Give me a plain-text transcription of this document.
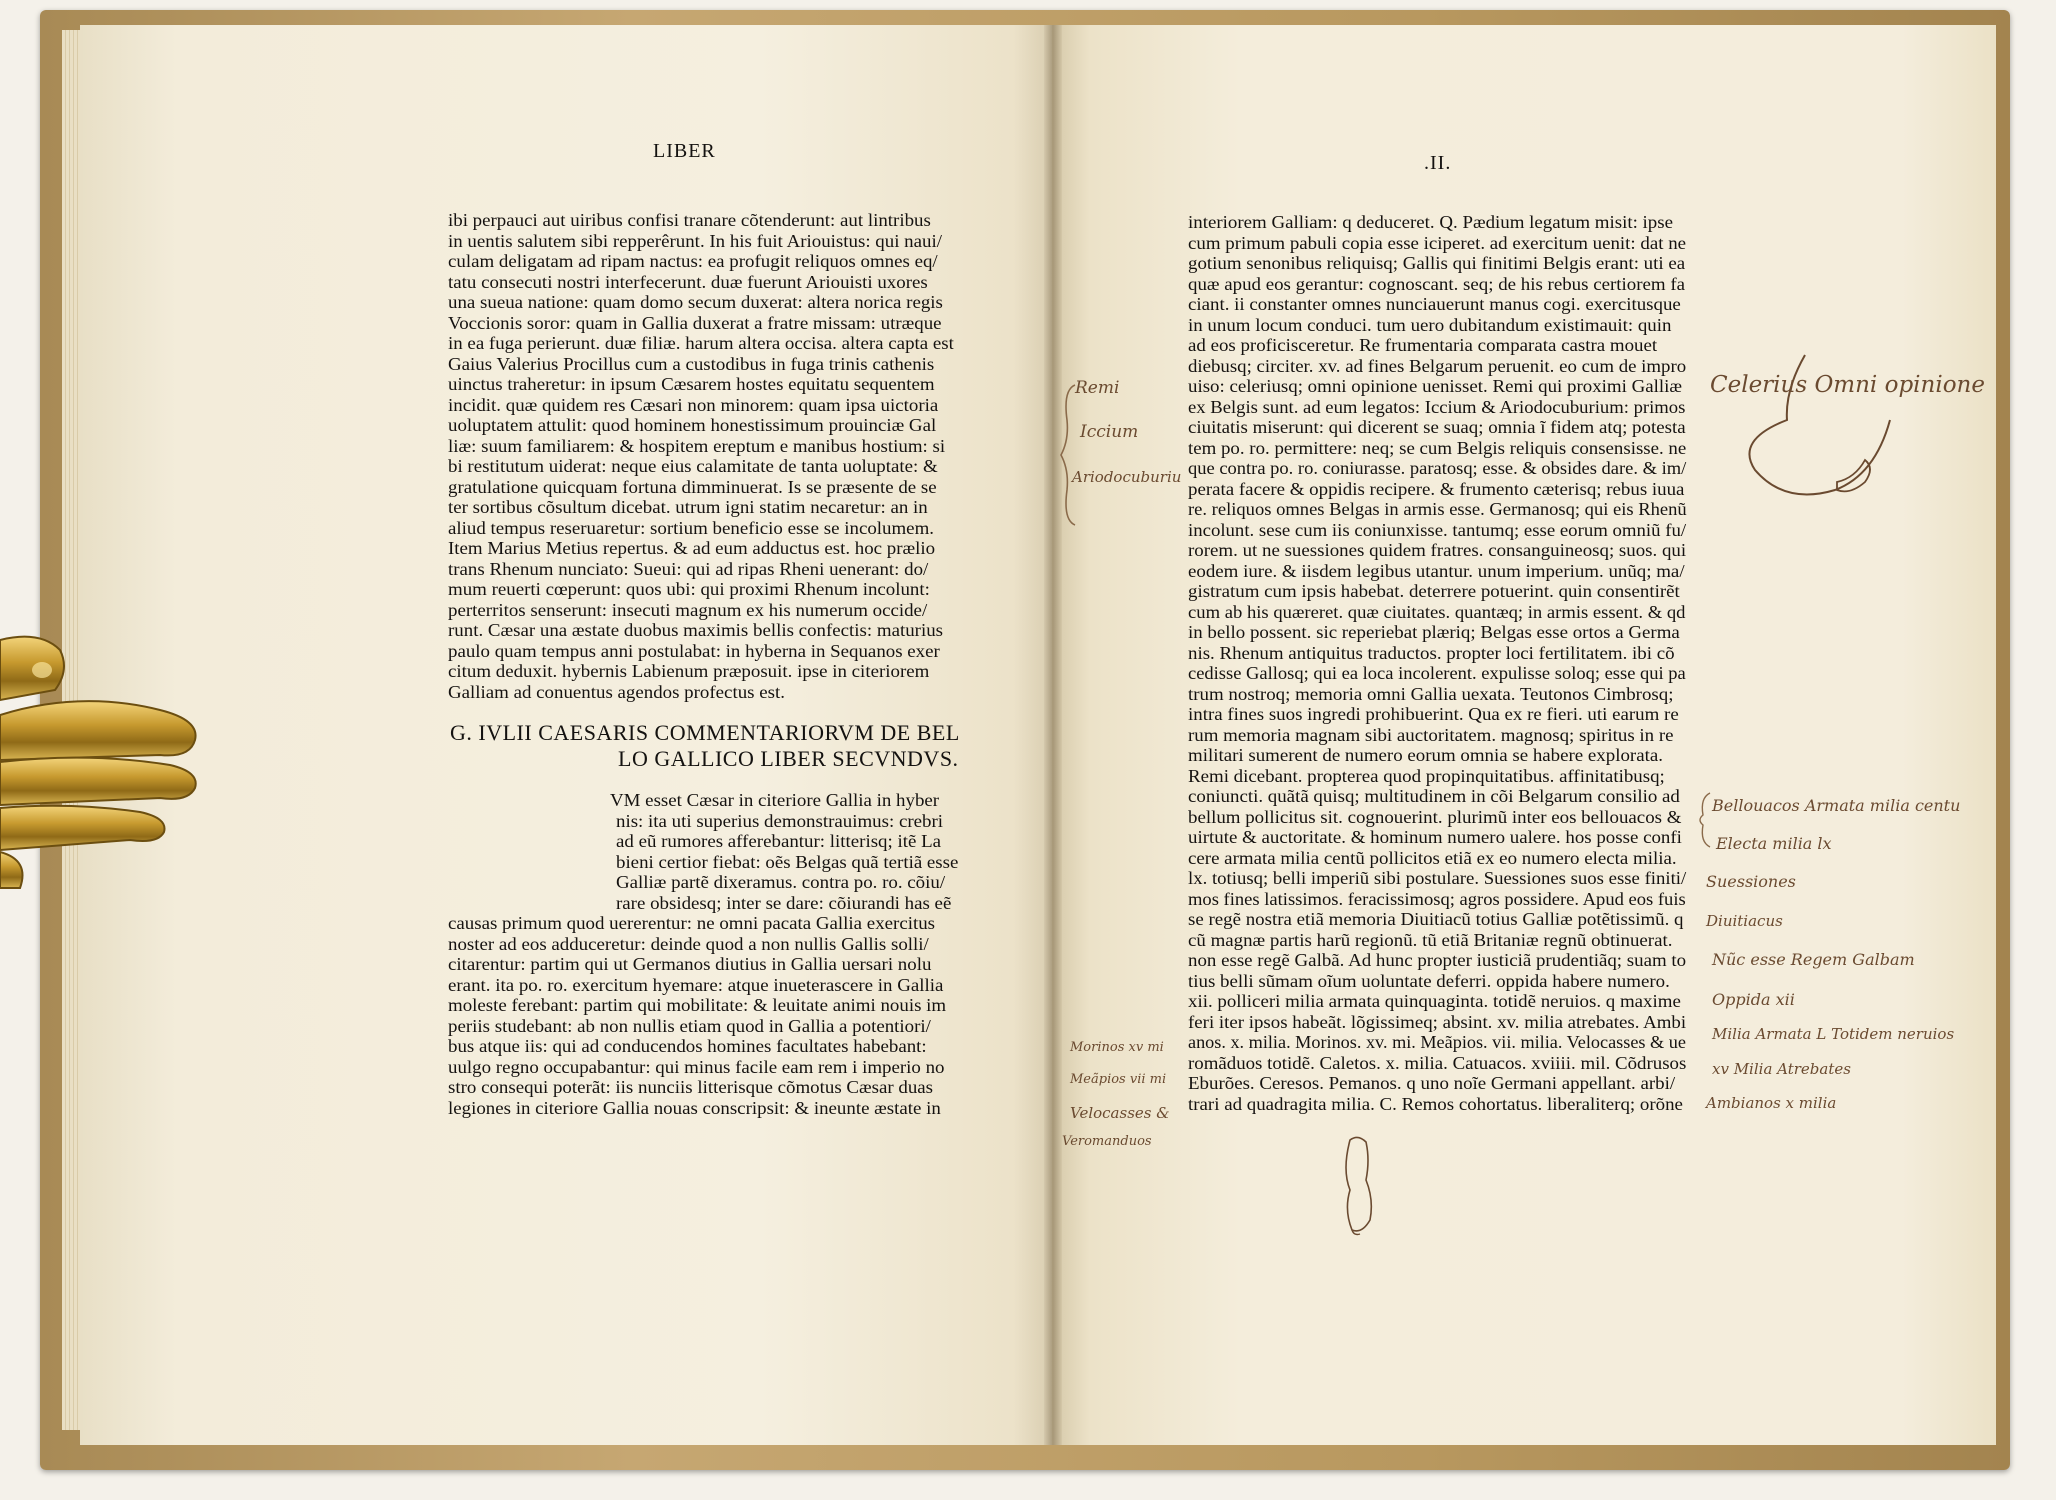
LIBER
ibi perpauci aut uiribus confisi tranare cõtenderunt: aut lintribus
in uentis salutem sibi repperêrunt. In his fuit Ariouistus: qui naui/
culam deligatam ad ripam nactus: ea profugit reliquos omnes eq/
tatu consecuti nostri interfecerunt. duæ fuerunt Ariouisti uxores
una sueua natione: quam domo secum duxerat: altera norica regis
Voccionis soror: quam in Gallia duxerat a fratre missam: utræque
in ea fuga perierunt. duæ filiæ. harum altera occisa. altera capta est
Gaius Valerius Procillus cum a custodibus in fuga trinis cathenis
uinctus traheretur: in ipsum Cæsarem hostes equitatu sequentem
incidit. quæ quidem res Cæsari non minorem: quam ipsa uictoria
uoluptatem attulit: quod hominem honestissimum prouinciæ Gal
liæ: suum familiarem: & hospitem ereptum e manibus hostium: si
bi restitutum uiderat: neque eius calamitate de tanta uoluptate: &
gratulatione quicquam fortuna dimminuerat. Is se præsente de se
ter sortibus cõsultum dicebat. utrum igni statim necaretur: an in
aliud tempus reseruaretur: sortium beneficio esse se incolumem.
Item Marius Metius repertus. & ad eum adductus est. hoc prælio
trans Rhenum nunciato: Sueui: qui ad ripas Rheni uenerant: do/
mum reuerti cœperunt: quos ubi: qui proximi Rhenum incolunt:
perterritos senserunt: insecuti magnum ex his numerum occide/
runt. Cæsar una æstate duobus maximis bellis confectis: maturius
paulo quam tempus anni postulabat: in hyberna in Sequanos exer
citum deduxit. hybernis Labienum præposuit. ipse in citeriorem
Galliam ad conuentus agendos profectus est.
G. IVLII CAESARIS COMMENTARIORVM DE BEL
LO GALLICO LIBER SECVNDVS.
VM esset Cæsar in citeriore Gallia in hyber
nis: ita uti superius demonstrauimus: crebri
ad eũ rumores afferebantur: litterisq; itẽ La
bieni certior fiebat: oẽs Belgas quã tertiã esse
Galliæ partẽ dixeramus. contra po. ro. cõiu/
rare obsidesq; inter se dare: cõiurandi has eẽ
causas primum quod uererentur: ne omni pacata Gallia exercitus
noster ad eos adduceretur: deinde quod a non nullis Gallis solli/
citarentur: partim qui ut Germanos diutius in Gallia uersari nolu
erant. ita po. ro. exercitum hyemare: atque inueterascere in Gallia
moleste ferebant: partim qui mobilitate: & leuitate animi nouis im
periis studebant: ab non nullis etiam quod in Gallia a potentiori/
bus atque iis: qui ad conducendos homines facultates habebant:
uulgo regno occupabantur: qui minus facile eam rem i imperio no
stro consequi poterãt: iis nunciis litterisque cõmotus Cæsar duas
legiones in citeriore Gallia nouas conscripsit: & ineunte æstate in
.II.
interiorem Galliam: q deduceret. Q. Pædium legatum misit: ipse
cum primum pabuli copia esse iciperet. ad exercitum uenit: dat ne
gotium senonibus reliquisq; Gallis qui finitimi Belgis erant: uti ea
quæ apud eos gerantur: cognoscant. seq; de his rebus certiorem fa
ciant. ii constanter omnes nunciauerunt manus cogi. exercitusque
in unum locum conduci. tum uero dubitandum existimauit: quin
ad eos proficisceretur. Re frumentaria comparata castra mouet
diebusq; circiter. xv. ad fines Belgarum peruenit. eo cum de impro
uiso: celeriusq; omni opinione uenisset. Remi qui proximi Galliæ
ex Belgis sunt. ad eum legatos: Iccium & Ariodocuburium: primos
ciuitatis miserunt: qui dicerent se suaq; omnia ĩ fidem atq; potesta
tem po. ro. permittere: neq; se cum Belgis reliquis consensisse. ne
que contra po. ro. coniurasse. paratosq; esse. & obsides dare. & im/
perata facere & oppidis recipere. & frumento cæterisq; rebus iuua
re. reliquos omnes Belgas in armis esse. Germanosq; qui eis Rhenũ
incolunt. sese cum iis coniunxisse. tantumq; esse eorum omniũ fu/
rorem. ut ne suessiones quidem fratres. consanguineosq; suos. qui
eodem iure. & iisdem legibus utantur. unum imperium. unũq; ma/
gistratum cum ipsis habebat. deterrere potuerint. quin consentirẽt
cum ab his quæreret. quæ ciuitates. quantæq; in armis essent. & qd
in bello possent. sic reperiebat plæriq; Belgas esse ortos a Germa
nis. Rhenum antiquitus traductos. propter loci fertilitatem. ibi cõ
cedisse Gallosq; qui ea loca incolerent. expulisse soloq; esse qui pa
trum nostroq; memoria omni Gallia uexata. Teutonos Cimbrosq;
intra fines suos ingredi prohibuerint. Qua ex re fieri. uti earum re
rum memoria magnam sibi auctoritatem. magnosq; spiritus in re
militari sumerent de numero eorum omnia se habere explorata.
Remi dicebant. propterea quod propinquitatibus. affinitatibusq;
coniuncti. quãtã quisq; multitudinem in cõi Belgarum consilio ad
bellum pollicitus sit. cognouerint. plurimũ inter eos bellouacos &
uirtute & auctoritate. & hominum numero ualere. hos posse confi
cere armata milia centũ pollicitos etiã ex eo numero electa milia.
lx. totiusq; belli imperiũ sibi postulare. Suessiones suos esse finiti/
mos fines latissimos. feracissimosq; agros possidere. Apud eos fuis
se regẽ nostra etiã memoria Diuitiacũ totius Galliæ potẽtissimũ. q
cũ magnæ partis harũ regionũ. tũ etiã Britaniæ regnũ obtinuerat.
non esse regẽ Galbã. Ad hunc propter iusticiã prudentiãq; suam to
tius belli sũmam oĩum uoluntate deferri. oppida habere numero.
xii. polliceri milia armata quinquaginta. totidẽ neruios. q maxime
feri iter ipsos habeãt. lõgissimeq; absint. xv. milia atrebates. Ambi
anos. x. milia. Morinos. xv. mi. Meãpios. vii. milia. Velocasses & ue
romãduos totidẽ. Caletos. x. milia. Catuacos. xviiii. mil. Cõdrusos
Eburões. Ceresos. Pemanos. q uno noĩe Germani appellant. arbi/
trari ad quadragita milia. C. Remos cohortatus. liberaliterq; orõne
Remi
Iccium
Ariodocuburiu
Celerius Omni opinione
Bellouacos Armata milia centu
Electa milia lx
Suessiones
Diuitiacus
Nũc esse Regem Galbam
Oppida xii
Milia Armata L Totidem neruios
xv Milia Atrebates
Ambianos x milia
Morinos xv mi
Meãpios vii mi
Velocasses &
Veromanduos
